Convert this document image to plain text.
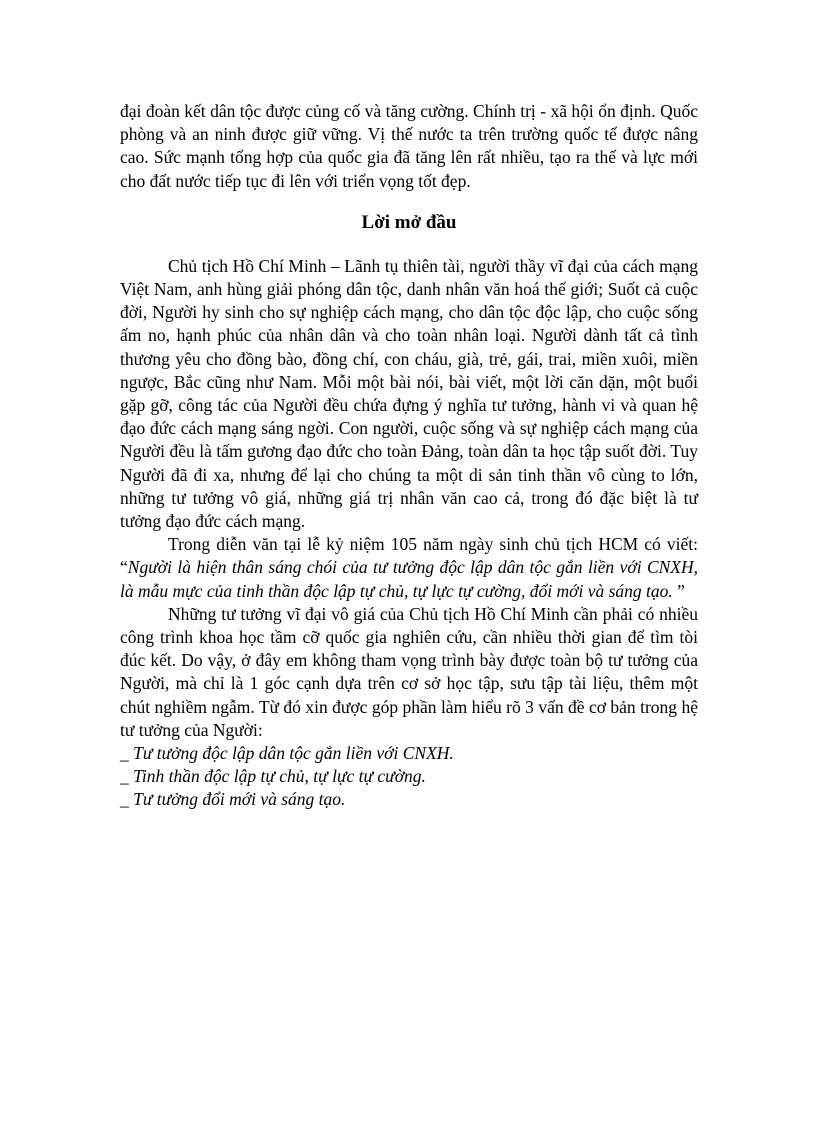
đại đoàn kết dân tộc được củng cố và tăng cường. Chính trị - xã hội ổn định. Quốc phòng và an ninh được giữ vững. Vị thế nước ta trên trường quốc tế được nâng cao. Sức mạnh tổng hợp của quốc gia đã tăng lên rất nhiều, tạo ra thế và lực mới cho đất nước tiếp tục đi lên với triển vọng tốt đẹp.

Lời mở đầu

Chủ tịch Hồ Chí Minh – Lãnh tụ thiên tài, người thầy vĩ đại của cách mạng Việt Nam, anh hùng giải phóng dân tộc, danh nhân văn hoá thế giới; Suốt cả cuộc đời, Người hy sinh cho sự nghiệp cách mạng, cho dân tộc độc lập, cho cuộc sống ấm no, hạnh phúc của nhân dân và cho toàn nhân loại. Người dành tất cả tình thương yêu cho đồng bào, đồng chí, con cháu, già, trẻ, gái, trai, miền xuôi, miền ngược, Bắc cũng như Nam. Mỗi một bài nói, bài viết, một lời căn dặn, một buổi gặp gỡ, công tác của Người đều chứa đựng ý nghĩa tư tưởng, hành vi và quan hệ đạo đức cách mạng sáng ngời. Con người, cuộc sống và sự nghiệp cách mạng của Người đều là tấm gương đạo đức cho toàn Đảng, toàn dân ta học tập suốt đời. Tuy Người đã đi xa, nhưng để lại cho chúng ta một di sản tinh thần vô cùng to lớn, những tư tưởng vô giá, những giá trị nhân văn cao cả, trong đó đặc biệt là tư tưởng đạo đức cách mạng.

Trong diễn văn tại lễ kỷ niệm 105 năm ngày sinh chủ tịch HCM có viết: “Người là hiện thân sáng chói của tư tưởng độc lập dân tộc gắn liền với CNXH, là mẫu mực của tinh thần độc lập tự chủ, tự lực tự cường, đổi mới và sáng tạo. ”

Những tư tưởng vĩ đại vô giá của Chủ tịch Hồ Chí Minh cần phải có nhiều công trình khoa học tầm cỡ quốc gia nghiên cứu, cần nhiều thời gian để tìm tòi đúc kết. Do vậy, ở đây em không tham vọng trình bày được toàn bộ tư tưởng của Người, mà chỉ là 1 góc cạnh dựa trên cơ sở học tập, sưu tập tài liệu, thêm một chút nghiềm ngẫm. Từ đó xin được góp phần làm hiểu rõ 3 vấn đề cơ bản trong hệ tư tưởng của Người:

_ Tư tưởng độc lập dân tộc gắn liền với CNXH.
_ Tinh thần độc lập tự chủ, tự lực tự cường.
_ Tư tưởng đổi mới và sáng tạo.
